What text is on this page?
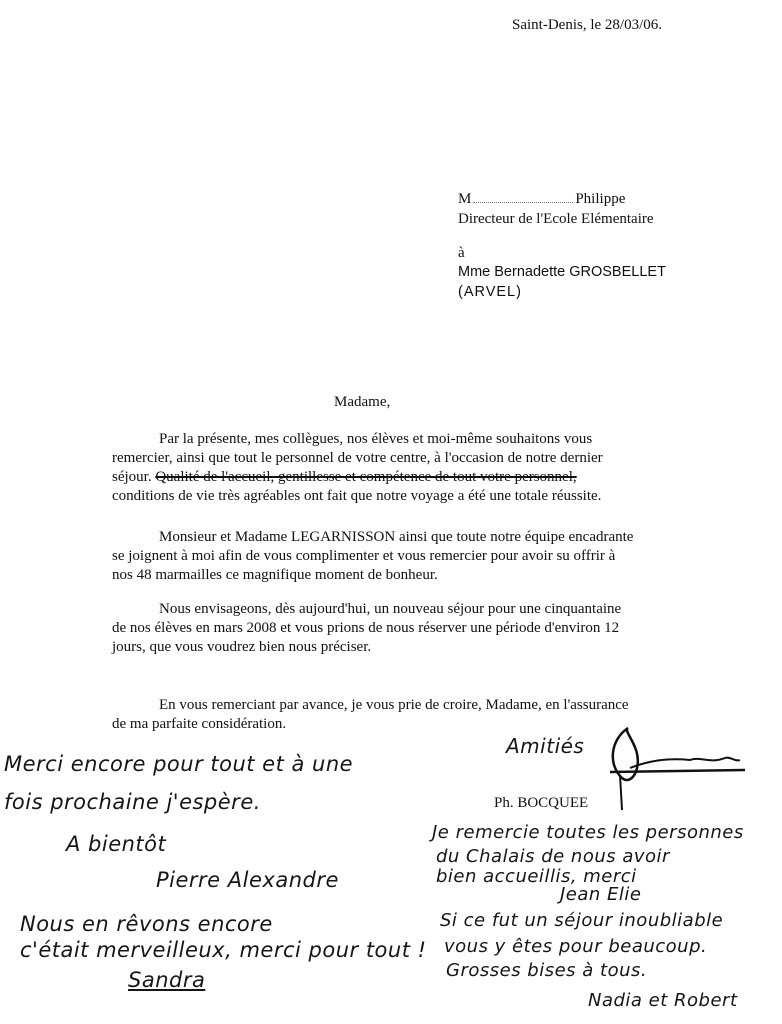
Saint-Denis, le 28/03/06.
M	Philippe
Directeur de l'Ecole Elémentaire
à
Mme Bernadette GROSBELLET
(ARVEL)
Madame,
Par la présente, mes collègues, nos élèves et moi-même souhaitons vous
remercier, ainsi que tout le personnel de votre centre, à l'occasion de notre dernier
séjour. Qualité de l'accueil, gentillesse et compétence de tout votre personnel,
conditions de vie très agréables ont fait que notre voyage a été une totale réussite.
Monsieur et Madame LEGARNISSON ainsi que toute notre équipe encadrante
se joignent à moi afin de vous complimenter et vous remercier pour avoir su offrir à
nos 48 marmailles ce magnifique moment de bonheur.
Nous envisageons, dès aujourd'hui, un nouveau séjour pour une cinquantaine
de nos élèves en mars 2008 et vous prions de nous réserver une période d'environ 12
jours, que vous voudrez bien nous préciser.
En vous remerciant par avance, je vous prie de croire, Madame, en l'assurance
de ma parfaite considération.
Amitiés
Ph. BOCQUEE
Merci encore pour tout et à une
fois prochaine j'espère.
A bientôt
Pierre Alexandre
Nous en rêvons encore
c'était merveilleux, merci pour tout !
Sandra
Je remercie toutes les personnes
du Chalais de nous avoir
bien accueillis, merci
Jean Elie
Si ce fut un séjour inoubliable
vous y êtes pour beaucoup.
Grosses bises à tous.
Nadia et Robert
